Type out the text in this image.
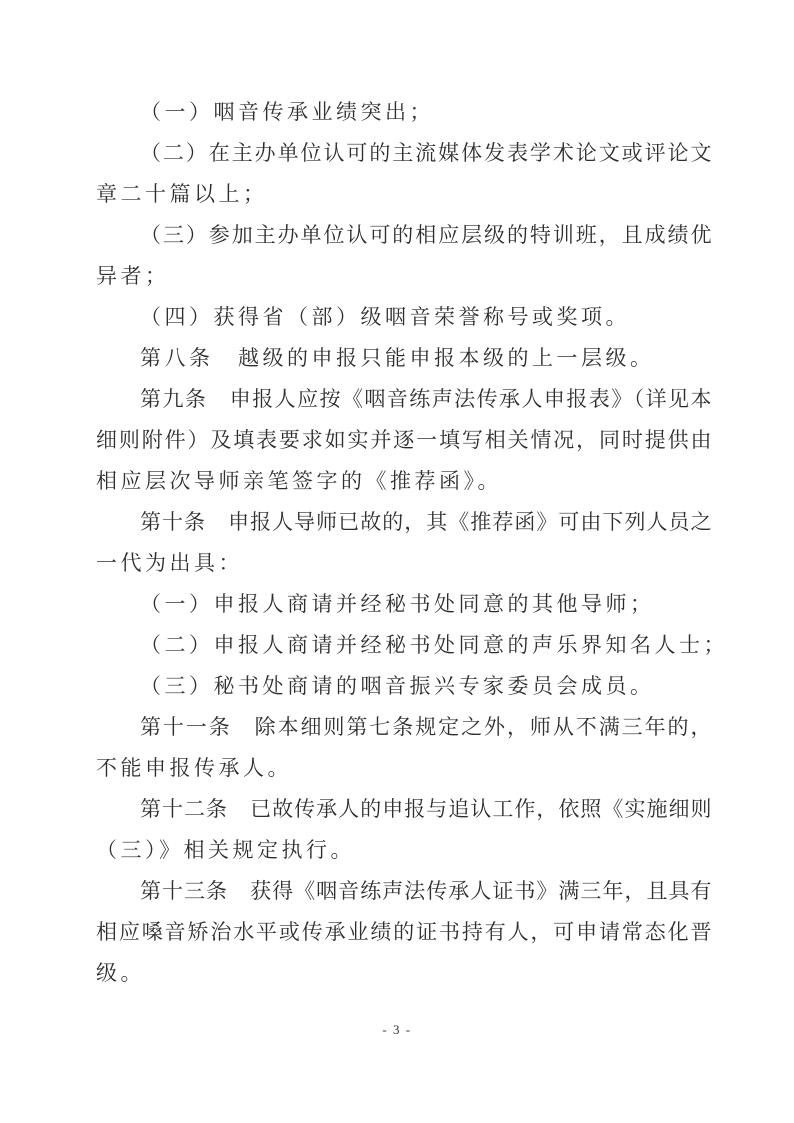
（一）咽音传承业绩突出；
（二）在主办单位认可的主流媒体发表学术论文或评论文
章二十篇以上；
（三）参加主办单位认可的相应层级的特训班，且成绩优
异者；
（四）获得省（部）级咽音荣誉称号或奖项。
第八条　越级的申报只能申报本级的上一层级。
第九条　申报人应按《咽音练声法传承人申报表》（详见本
细则附件）及填表要求如实并逐一填写相关情况，同时提供由
相应层次导师亲笔签字的《推荐函》。
第十条　申报人导师已故的，其《推荐函》可由下列人员之
一代为出具：
（一）申报人商请并经秘书处同意的其他导师；
（二）申报人商请并经秘书处同意的声乐界知名人士；
（三）秘书处商请的咽音振兴专家委员会成员。
第十一条　除本细则第七条规定之外，师从不满三年的，
不能申报传承人。
第十二条　已故传承人的申报与追认工作，依照《实施细则
（三）》相关规定执行。
第十三条　获得《咽音练声法传承人证书》满三年，且具有
相应嗓音矫治水平或传承业绩的证书持有人，可申请常态化晋
级。
- 3 -
